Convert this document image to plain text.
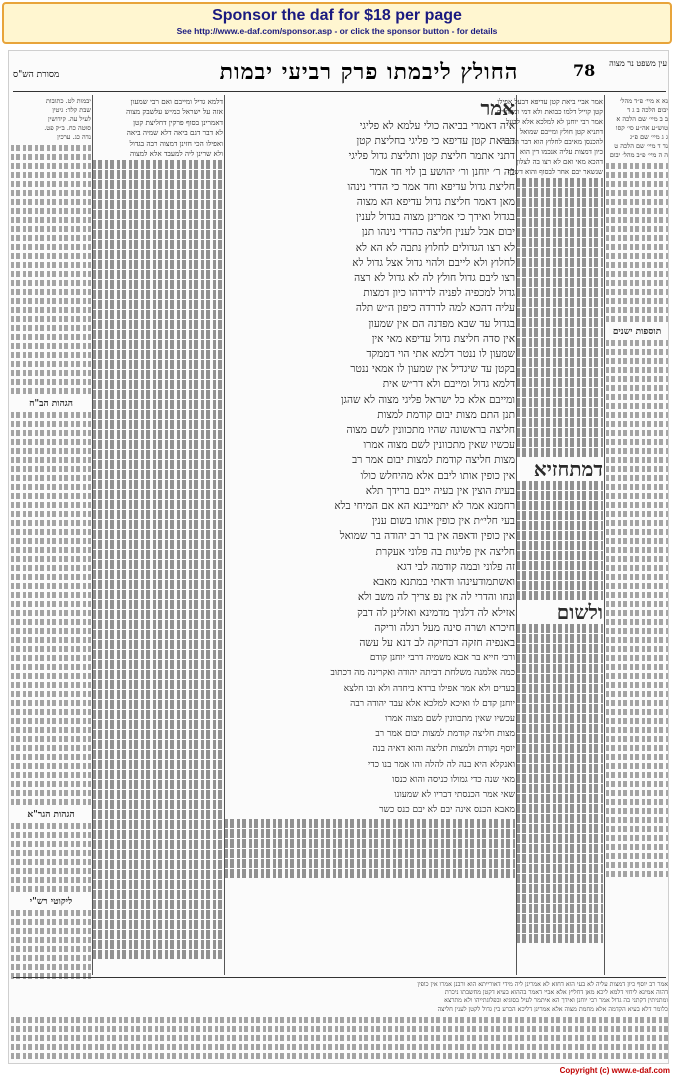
Sponsor the daf for $18 per page
See http://www.e-daf.com/sponsor.asp - or click the sponsor button - for details
מסורת הש"ס	החולץ ליבמתו פרק רביעי יבמות	78 עין משפט נר מצוה
נא א מיי׳ פ״ד מהל׳
יבום הלכה ב ג ד
ב ב מיי׳ שם הלכה א
טוש״ע אה״ע סי׳ קסו
ג ג מיי׳ שם פ״ג
נד ד מיי׳ שם הלכה ט
ה ה מיי׳ פ״ב מהל׳ יבום
תוספות ישנים
אמר אביי ביאת קטן עדיפא דבעל אפילו
קטן קוייל דלמו כבואת ולא דמי ומאוניים
אמר רבי יוחנן לא למלכא אלא לבעל
דתניא קטן חולץ ומייבם שמואל
להכנסן מאיבם לחלוץ הוא דבר הכנסה
כיון דמצות עליה אנכמו דין הוא
דהכא מאי ואם לא רצו בה לצלון
שנשאר יבם אחר לבסוף והוא דשלף
דמתחזיא
ולשום
אמר
איה דאמרי בביאה כולי עלמא לא פליגי
דביאת קטן עדיפא כי פליגי בחליצת קטן
דתני אתמר חליצת קטן ותליצת גדול פליגי
בה ר׳ יוחנן ור׳ יהושע בן לוי חד אמר
חליצת גדול עדיפא וחד אמר כי הדדי נינהו
מאן דאמר חליצת גדול עדיפא הא מצוה
בגדול ואידך כי אמרינן מצוה בגדול לענין
יבום אבל לענין חליצה כהדדי נינהו תנן
לא רצו הגדולים לחלוץ נתבה לא הא לא
לחלוץ ולא לייבם ולהוי גדול אצל גדול לא
רצו ליבם גדול חולץ לה לא גדול לא רצה
גדול למכפיה לפניה לדידהו כיון דמצות
עליה דהכא למה לדרדה כיפון ה״ש תלה
בגדול עד שבא מפדנה הם אין שמעון
אין סדה חליצת גדול עדיפא מאי אין
שמעון לו ננטר דלמא אתי הוי דממקד
בקטן עד שיגדיל אין שמעון לו אמאי ננטר
דלמא גדול ומייבם ולא דר״ש אית
ומייבם אלא כל ישראל פליגי מצוה לא שהגן
תנן התם מצות יבום קודמת למצות
חליצה בראשונה שהיו מתכוונין לשם מצוה
עכשיו שאין מתכוונין לשם מצוה אמרו
מצות חליצה קודמת למצות יבום אמר רב
אין כופין אותו ליבם אלא מהיחלש כולו
בעית הוצין אין בעיה ייבם ברידך תלא
רחמנא אמר לא יתמייבנא הא אם המיחי בלא
בעי חלי״ת אין כופין אותו בשום ענין
אין כופין ודאפה אין בר רב יהודה בר שמואל
חליצה אין פליגות בה פלוני אעקרת
זה פלוני ובמה קודמה לבי דגא
ואשתמודעינהו ודאתי במתנא מאבא
ונחו והדרי לה אין נפ צריך לה משב ולא
אזילא לה דלגיך מדמינא ואזלינן לה דבק
חיכרא ושרה סינה מעל רגלה וריקה
באנפיה חזקה דבחיקה לב דנא על עשה
ורבי חייא בר אבא משמיה דרבי יוחנן קודם
כמה אלמנה משלחת דביתה יהודה ואקרינה מה דכתוב
בעדים ולא אמר אפילו ברדא ביחדה ולא ובו חלצא
יוחנן קדם לו ואיכא למלכא אלא עבד יהודה רבה
עכשיו שאין מתכוונין לשם מצוה אמרו
מצות חליצה קודמת למצות יבום אמר רב
יוסף נקודת ולמצות חליצה והוא דאיה בנה
ואנקלא היא בנה לה להלה והו אמר בנו כדי
מאי שנה כדי גמולו כניסה והוא כנסו
שאי אמר הכנסתי דבריו לא שמעונו
מאבא הכנס אינה יבם לא יבם כנס כשר
דלמא גדיל ומייבם ואם רבי שמעון
אזה על ישראל כמ״ש עלשבק מצוה
דאמרינן בסוף פרקין דחליצת קטן
לא דבר דגם ביאה דלא שמיה ביאה
ואפילו הכי חזינן דמצוה רבה בגדול
ולא שרינן ליה למעבד אלא למצוה
יבמות לט. כתובות
שבת קלד: גיטין
לעיל עה. קידושין
סוטה כח. ב״ק פט.
נדה כג. ערכין
הגהות הב"ח
הגהות הגר"א
ליקוטי רש"י
אמר רב יוסף כיון דמצות עליה לא בעי הוא דחזא לא אמרינן ליה מידי דאורייתא הוא ורבנן אמרו אין כופין
דהוה אמינא ליחזי דלמא ליכא מאן דחליץ אלא אביי דאמר בההוא בעיא דקטן מחשבתו ניכרת
ומתניתין דקתני בה גדול אמר רבי יוחנן ואידך הא איתמר לעיל בסוגיא ובפלוגתייהו ולא מתרצא
כלומר דלא בעיא הקדמה אלא מחמת מצוה אלא אמרינן דליכא הכרע בין גדול לקטן לענין חליצה
Copyright (c) www.e-daf.com
